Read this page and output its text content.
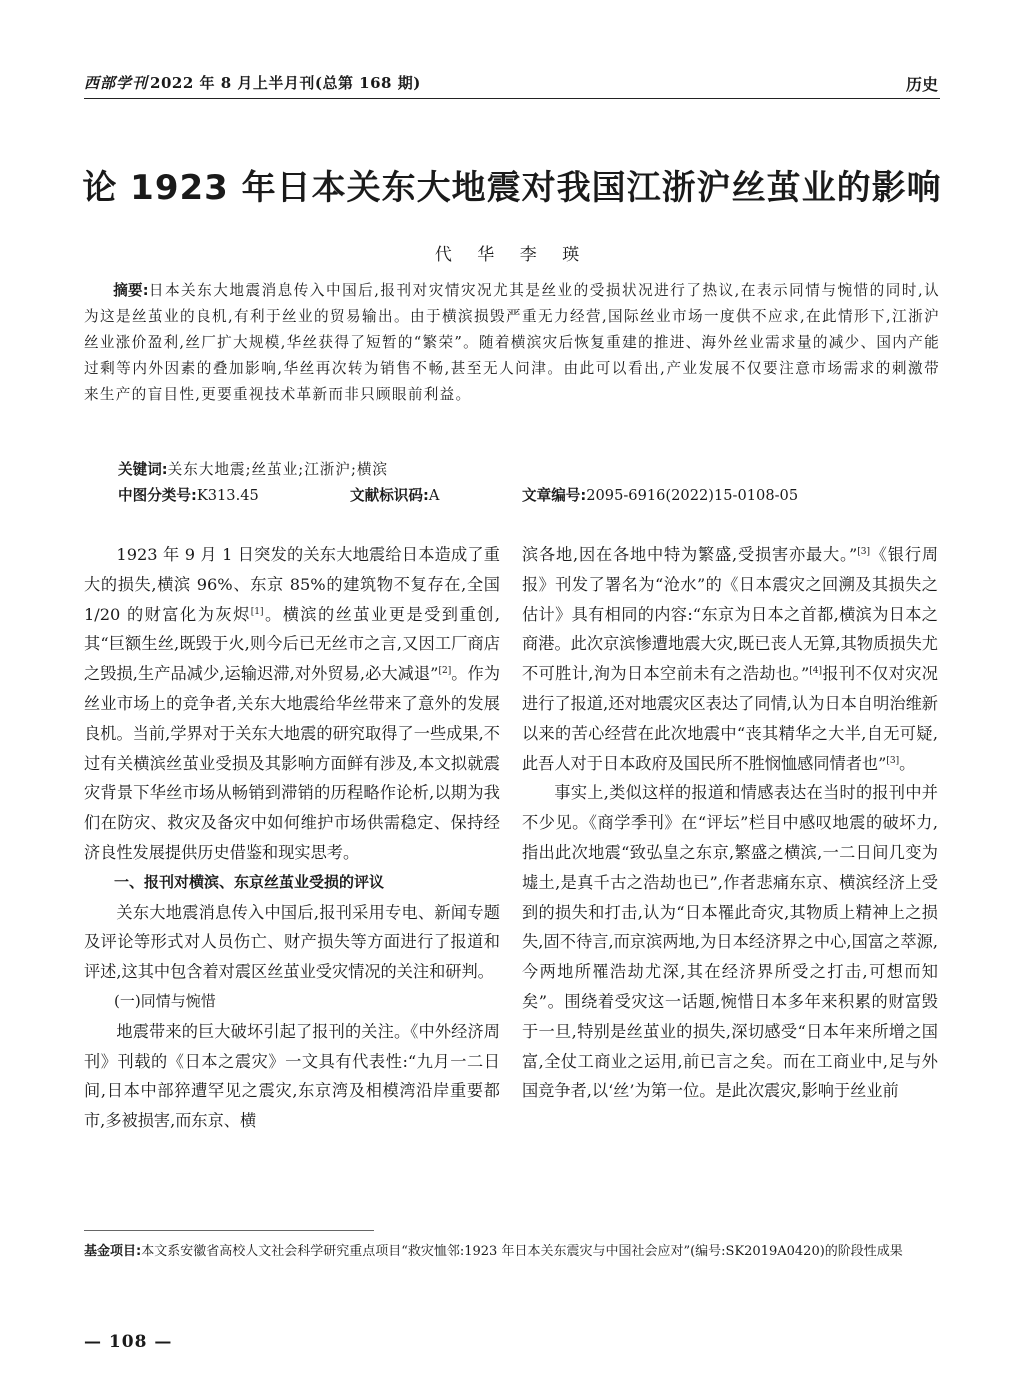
西部学刊 2022 年 8 月上半月刊(总第 168 期)	历史
论 1923 年日本关东大地震对我国江浙沪丝茧业的影响
代 华 李 瑛
摘要:日本关东大地震消息传入中国后,报刊对灾情灾况尤其是丝业的受损状况进行了热议,在表示同情与惋惜的同时,认为这是丝茧业的良机,有利于丝业的贸易输出。由于横滨损毁严重无力经营,国际丝业市场一度供不应求,在此情形下,江浙沪丝业涨价盈利,丝厂扩大规模,华丝获得了短暂的“繁荣”。随着横滨灾后恢复重建的推进、海外丝业需求量的减少、国内产能过剩等内外因素的叠加影响,华丝再次转为销售不畅,甚至无人问津。由此可以看出,产业发展不仅要注意市场需求的刺激带来生产的盲目性,更要重视技术革新而非只顾眼前利益。
关键词:关东大地震;丝茧业;江浙沪;横滨
中图分类号:K313.45	文献标识码:A	文章编号:2095-6916(2022)15-0108-05

1923 年 9 月 1 日突发的关东大地震给日本造成了重大的损失,横滨 96%、东京 85%的建筑物不复存在,全国 1/20 的财富化为灰烬[1]。横滨的丝茧业更是受到重创,其“巨额生丝,既毁于火,则今后已无丝市之言,又因工厂商店之毁损,生产品减少,运输迟滞,对外贸易,必大减退”[2]。作为丝业市场上的竞争者,关东大地震给华丝带来了意外的发展良机。当前,学界对于关东大地震的研究取得了一些成果,不过有关横滨丝茧业受损及其影响方面鲜有涉及,本文拟就震灾背景下华丝市场从畅销到滞销的历程略作论析,以期为我们在防灾、救灾及备灾中如何维护市场供需稳定、保持经济良性发展提供历史借鉴和现实思考。

一、报刊对横滨、东京丝茧业受损的评议

关东大地震消息传入中国后,报刊采用专电、新闻专题及评论等形式对人员伤亡、财产损失等方面进行了报道和评述,这其中包含着对震区丝茧业受灾情况的关注和研判。

(一)同情与惋惜

地震带来的巨大破坏引起了报刊的关注。《中外经济周刊》刊载的《日本之震灾》一文具有代表性:“九月一二日间,日本中部猝遭罕见之震灾,东京湾及相模湾沿岸重要都市,多被损害,而东京、横

滨各地,因在各地中特为繁盛,受损害亦最大。”[3]《银行周报》刊发了署名为“沧水”的《日本震灾之回溯及其损失之估计》具有相同的内容:“东京为日本之首都,横滨为日本之商港。此次京滨惨遭地震大灾,既已丧人无算,其物质损失尤不可胜计,洵为日本空前未有之浩劫也。”[4]报刊不仅对灾况进行了报道,还对地震灾区表达了同情,认为日本自明治维新以来的苦心经营在此次地震中“丧其精华之大半,自无可疑,此吾人对于日本政府及国民所不胜悯恤感同情者也”[3]。

事实上,类似这样的报道和情感表达在当时的报刊中并不少见。《商学季刊》在“评坛”栏目中感叹地震的破坏力,指出此次地震“致弘皇之东京,繁盛之横滨,一二日间几变为墟土,是真千古之浩劫也已”,作者悲痛东京、横滨经济上受到的损失和打击,认为“日本罹此奇灾,其物质上精神上之损失,固不待言,而京滨两地,为日本经济界之中心,国富之萃源,今两地所罹浩劫尤深,其在经济界所受之打击,可想而知矣”。围绕着受灾这一话题,惋惜日本多年来积累的财富毁于一旦,特别是丝茧业的损失,深切感受“日本年来所增之国富,全仗工商业之运用,前已言之矣。而在工商业中,足与外国竞争者,以‘丝’为第一位。是此次震灾,影响于丝业前

基金项目:本文系安徽省高校人文社会科学研究重点项目“救灾恤邻:1923 年日本关东震灾与中国社会应对”(编号:SK2019A0420)的阶段性成果
— 108 —
